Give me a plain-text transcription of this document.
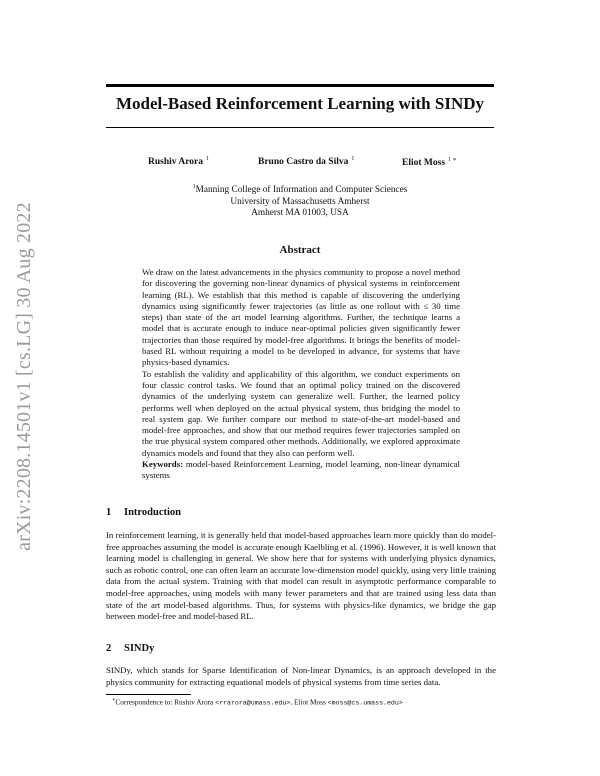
arXiv:2208.14501v1 [cs.LG] 30 Aug 2022
Model-Based Reinforcement Learning with SINDy
Rushiv Arora $^1$	Bruno Castro da Silva $^1$	Eliot Moss $^{1 ∗}$
$^1$Manning College of Information and Computer Sciences
University of Massachusetts Amherst
Amherst MA 01003, USA
Abstract

We draw on the latest advancements in the physics community to propose a novel method for discovering the governing non-linear dynamics of physical systems in reinforcement learning (RL). We establish that this method is capable of discovering the underlying dynamics using significantly fewer trajectories (as little as one rollout with ≤ 30 time steps) than state of the art model learning algorithms. Further, the technique learns a model that is accurate enough to induce near-optimal policies given significantly fewer trajectories than those required by model-free algorithms. It brings the benefits of model-based RL without requiring a model to be developed in advance, for systems that have physics-based dynamics.

To establish the validity and applicability of this algorithm, we conduct experiments on four classic control tasks. We found that an optimal policy trained on the discovered dynamics of the underlying system can generalize well. Further, the learned policy performs well when deployed on the actual physical system, thus bridging the model to real system gap. We further compare our method to state-of-the-art model-based and model-free approaches, and show that our method requires fewer trajectories sampled on the true physical system compared other methods. Additionally, we explored approximate dynamics models and found that they also can perform well.

Keywords: model-based Reinforcement Learning, model learning, non-linear dynamical systems

1 Introduction

In reinforcement learning, it is generally held that model-based approaches learn more quickly than do model-free approaches assuming the model is accurate enough Kaelbling et al. (1996). However, it is well known that learning model is challenging in general. We show here that for systems with underlying physics dynamics, such as robotic control, one can often learn an accurate low-dimension model quickly, using very little training data from the actual system. Training with that model can result in asymptotic performance comparable to model-free approaches, using models with many fewer parameters and that are trained using less data than state of the art model-based algorithms. Thus, for systems with physics-like dynamics, we bridge the gap between model-free and model-based RL.

2 SINDy

SINDy, which stands for Sparse Identification of Non-linear Dynamics, is an approach developed in the physics community for extracting equational models of physical systems from time series data.

∗Correspondence to: Rushiv Arora <rrarora@umass.edu>, Eliot Moss <moss@cs.umass.edu>
